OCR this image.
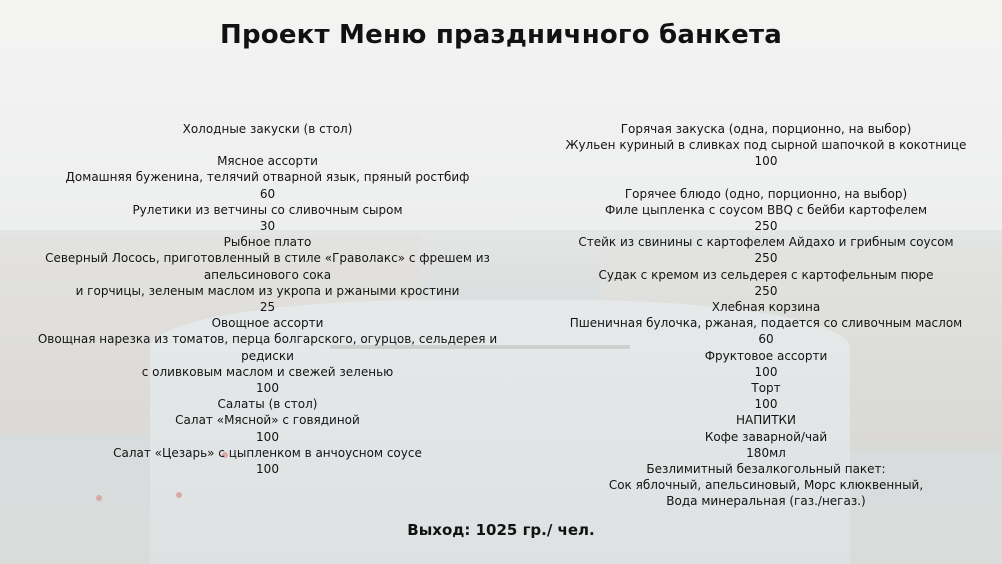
Проект Меню праздничного банкета
Холодные закуски (в стол)
Мясное ассорти
Домашняя буженина, телячий отварной язык, пряный ростбиф
60
Рулетики из ветчины со сливочным сыром
30
Рыбное плато
Северный Лосось, приготовленный в стиле «Граволакс» с фрешем из
апельсинового сока
и горчицы, зеленым маслом из укропа и ржаными кростини
25
Овощное ассорти
Овощная нарезка из томатов, перца болгарского, огурцов, сельдерея и
редиски
с оливковым маслом и свежей зеленью
100
Салаты (в стол)
Салат «Мясной» с говядиной
100
Салат «Цезарь» с цыпленком в анчоусном соусе
100
Горячая закуска (одна, порционно, на выбор)
Жульен куриный в сливках под сырной шапочкой в кокотнице
100
Горячее блюдо (одно, порционно, на выбор)
Филе цыпленка с соусом BBQ с бейби картофелем
250
Стейк из свинины с картофелем Айдахо и грибным соусом
250
Судак с кремом из сельдерея с картофельным пюре
250
Хлебная корзина
Пшеничная булочка, ржаная, подается со сливочным маслом
60
Фруктовое ассорти
100
Торт
100
НАПИТКИ
Кофе заварной/чай
180мл
Безлимитный безалкогольный пакет:
Сок яблочный, апельсиновый, Морс клюквенный,
Вода минеральная (газ./негаз.)
Выход: 1025 гр./ чел.
